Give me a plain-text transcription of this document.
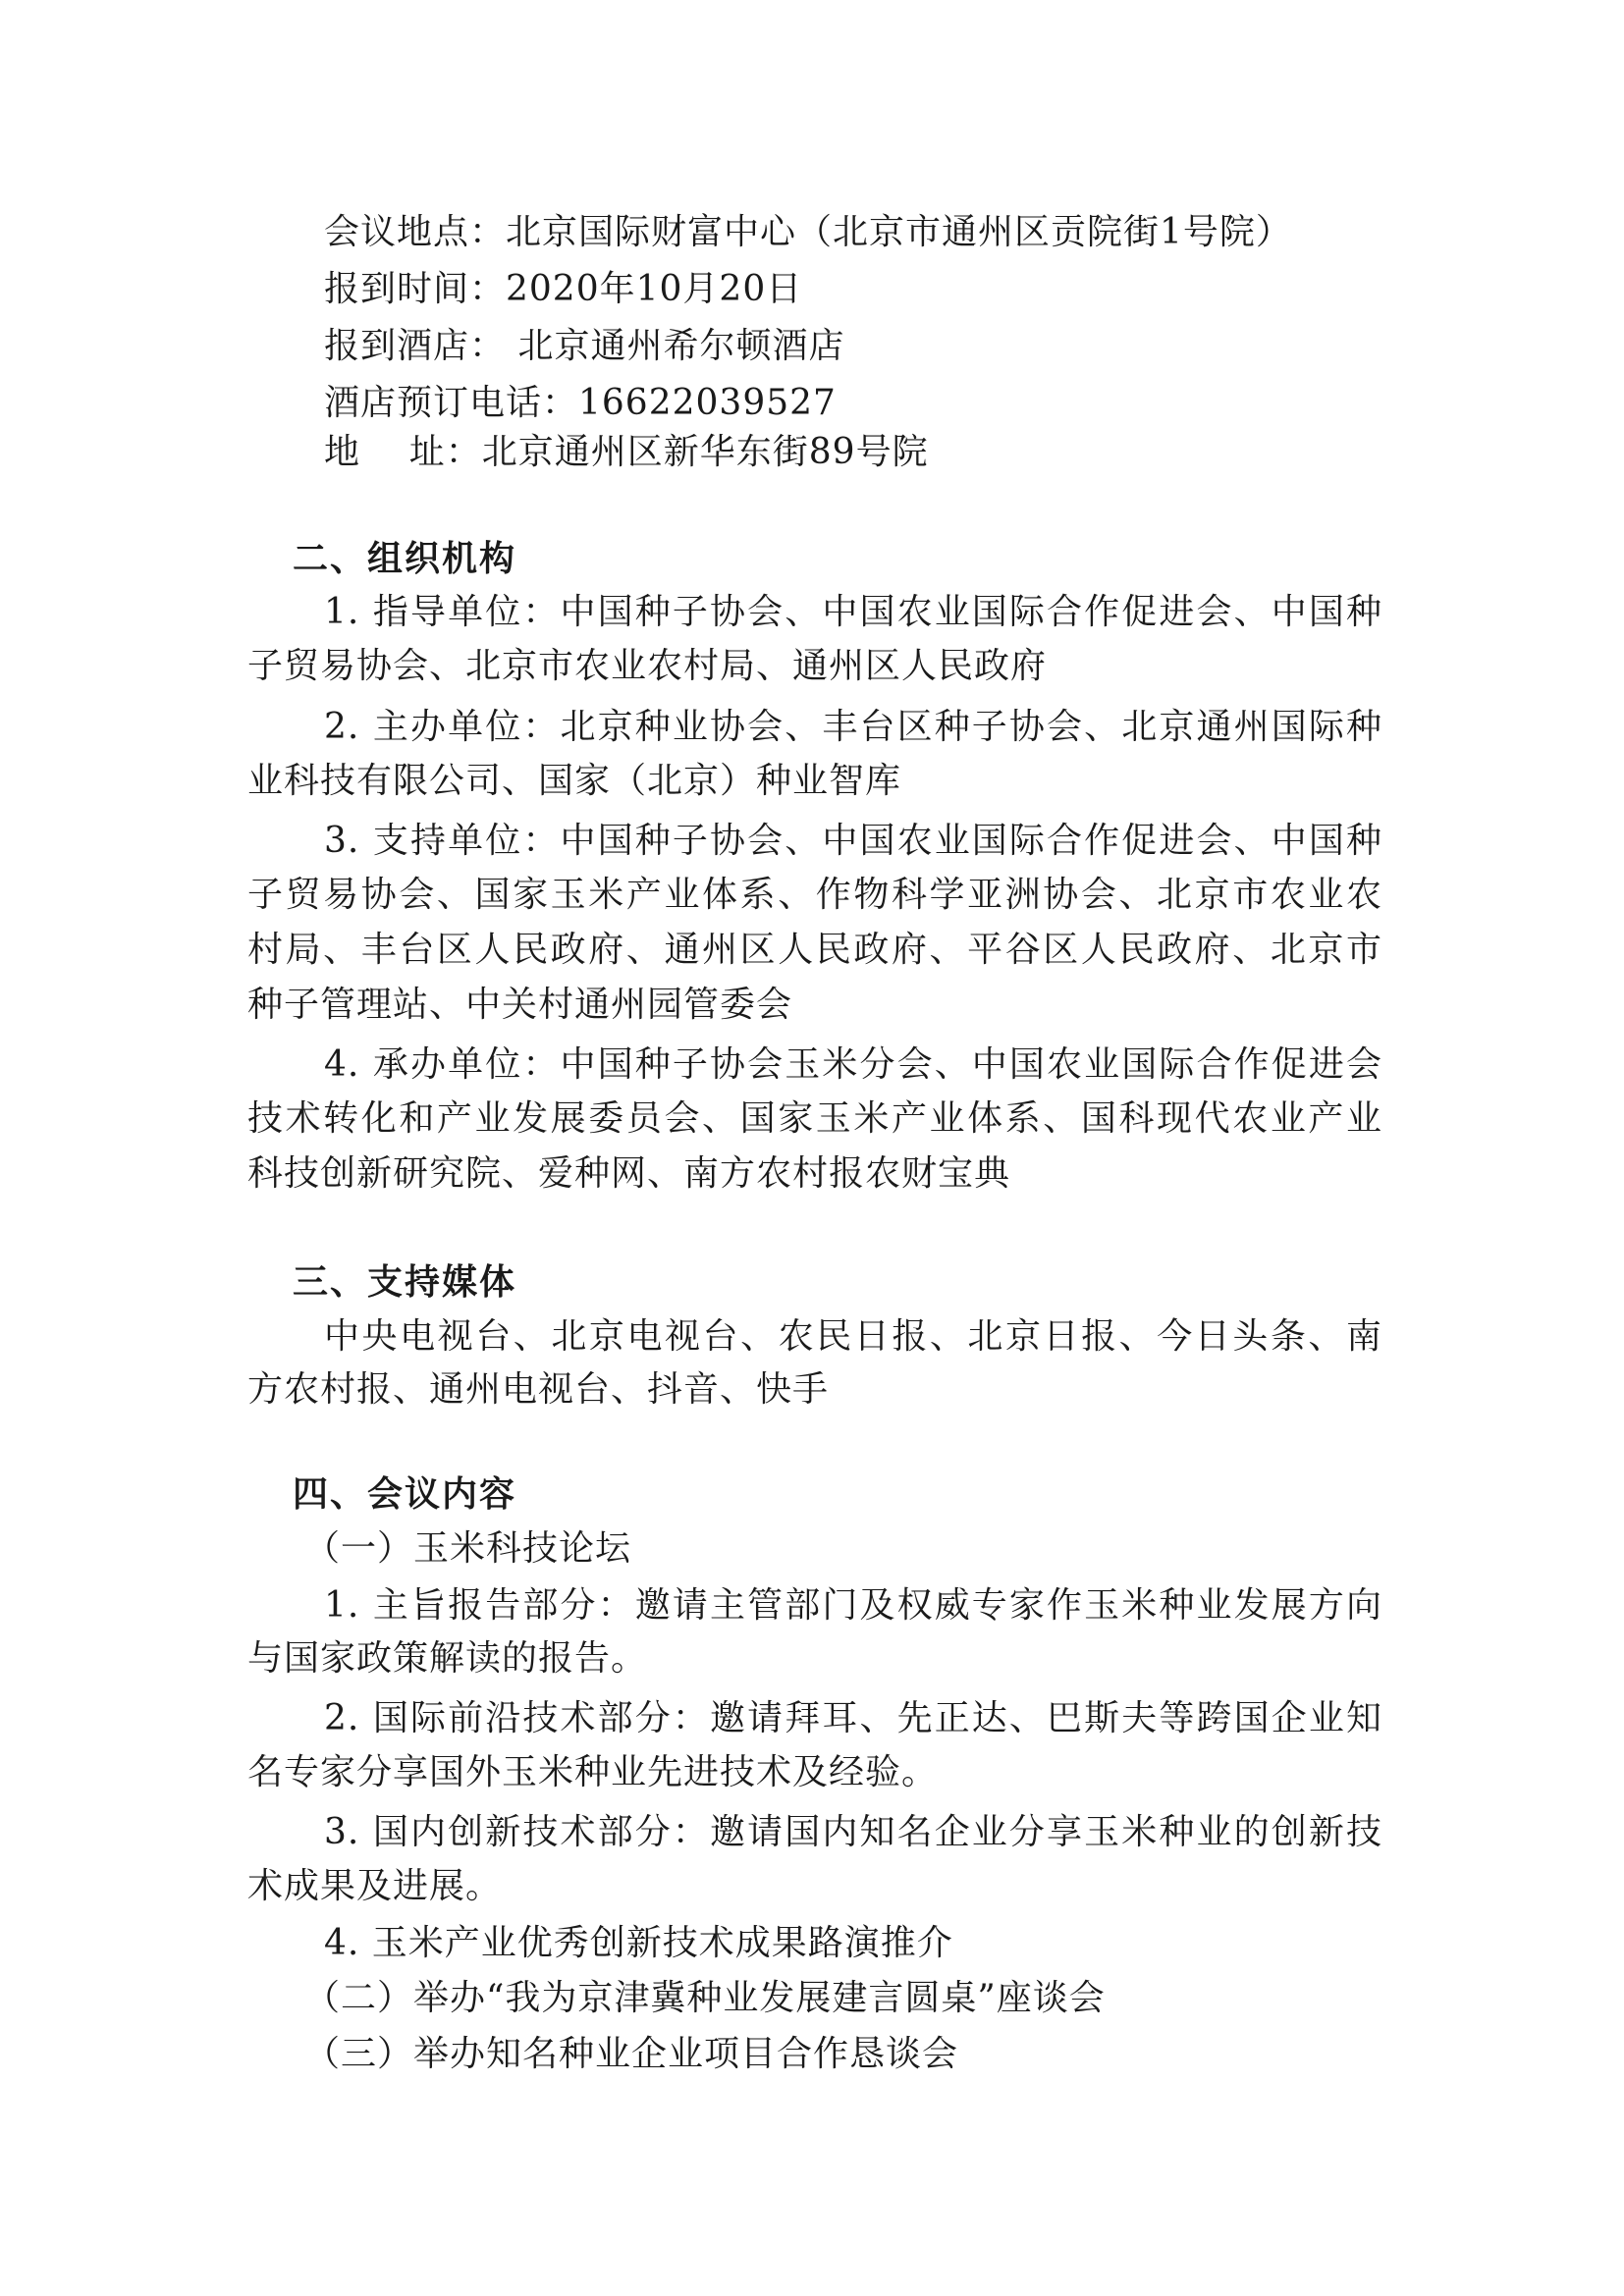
会议地点：北京国际财富中心（北京市通州区贡院街1号院）
报到时间：2020年10月20日
报到酒店： 北京通州希尔顿酒店
酒店预订电话：16622039527
地    址：北京通州区新华东街89号院
二、组织机构
1. 指导单位：中国种子协会、中国农业国际合作促进会、中国种
子贸易协会、北京市农业农村局、通州区人民政府
2. 主办单位：北京种业协会、丰台区种子协会、北京通州国际种
业科技有限公司、国家（北京）种业智库
3. 支持单位：中国种子协会、中国农业国际合作促进会、中国种
子贸易协会、国家玉米产业体系、作物科学亚洲协会、北京市农业农
村局、丰台区人民政府、通州区人民政府、平谷区人民政府、北京市
种子管理站、中关村通州园管委会
4. 承办单位：中国种子协会玉米分会、中国农业国际合作促进会
技术转化和产业发展委员会、国家玉米产业体系、国科现代农业产业
科技创新研究院、爱种网、南方农村报农财宝典
三、支持媒体
中央电视台、北京电视台、农民日报、北京日报、今日头条、南
方农村报、通州电视台、抖音、快手
四、会议内容
（一）玉米科技论坛
1. 主旨报告部分：邀请主管部门及权威专家作玉米种业发展方向
与国家政策解读的报告。
2. 国际前沿技术部分：邀请拜耳、先正达、巴斯夫等跨国企业知
名专家分享国外玉米种业先进技术及经验。
3. 国内创新技术部分：邀请国内知名企业分享玉米种业的创新技
术成果及进展。
4. 玉米产业优秀创新技术成果路演推介
（二）举办“我为京津冀种业发展建言圆桌”座谈会
（三）举办知名种业企业项目合作恳谈会
